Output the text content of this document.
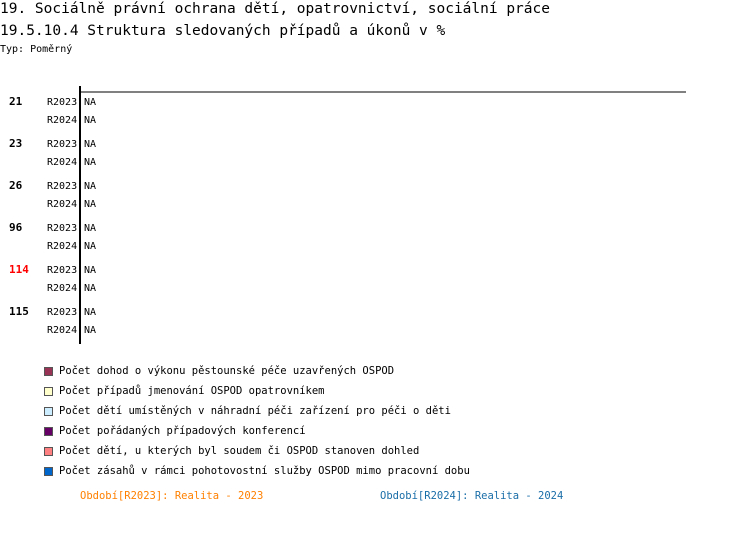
19. Sociálně právní ochrana dětí, opatrovnictví, sociální práce
19.5.10.4 Struktura sledovaných případů a úkonů v %
Typ: Poměrný
21 R2023 NA
R2024 NA
23 R2023 NA
R2024 NA
26 R2023 NA
R2024 NA
96 R2023 NA
R2024 NA
114 R2023 NA
R2024 NA
115 R2023 NA
R2024 NA
Počet dohod o výkonu pěstounské péče uzavřených OSPOD
Počet případů jmenování OSPOD opatrovníkem
Počet dětí umístěných v náhradní péči zařízení pro péči o děti
Počet pořádaných případových konferencí
Počet dětí, u kterých byl soudem či OSPOD stanoven dohled
Počet zásahů v rámci pohotovostní služby OSPOD mimo pracovní dobu
Období[R2023]: Realita - 2023	Období[R2024]: Realita - 2024
